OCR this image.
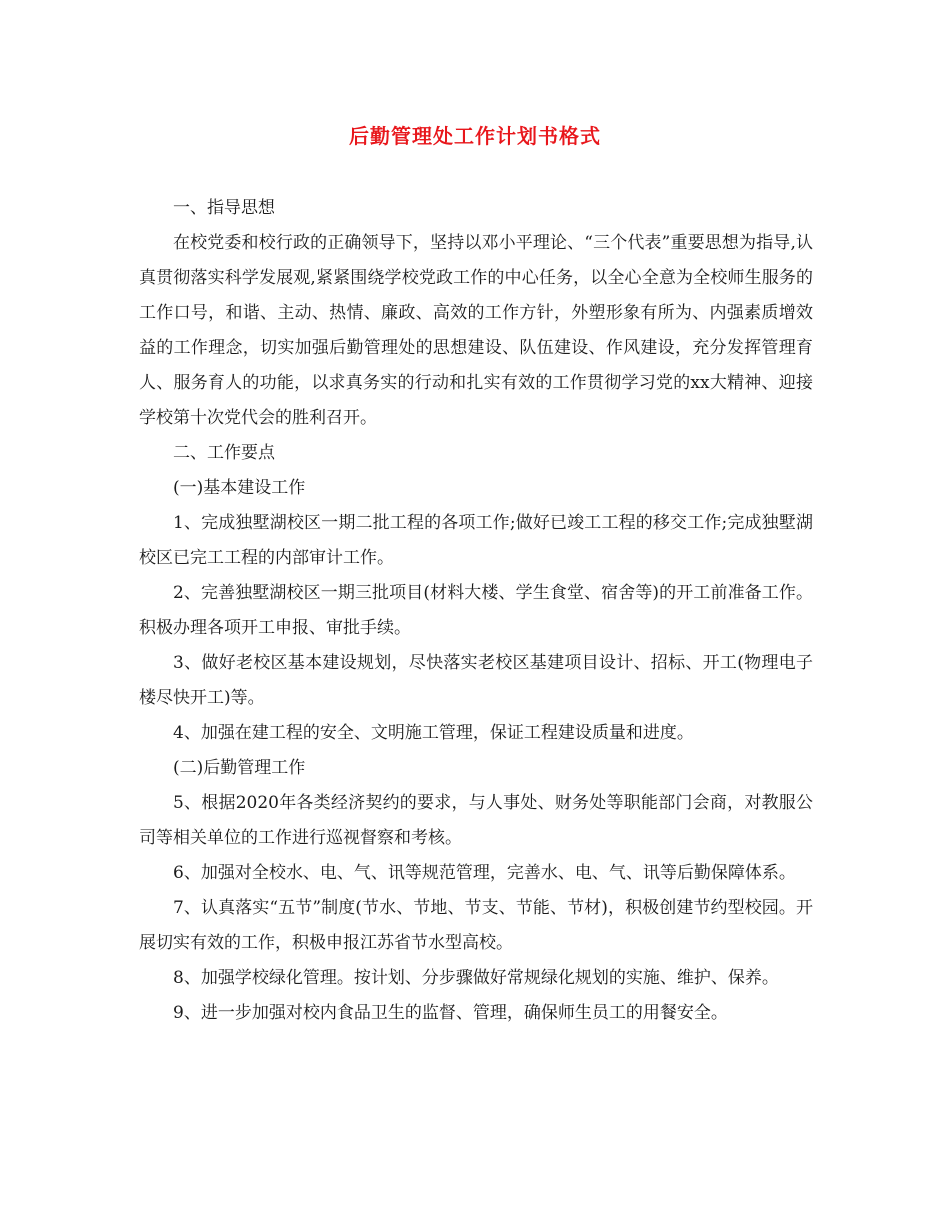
后勤管理处工作计划书格式

一、指导思想

在校党委和校行政的正确领导下，坚持以邓小平理论、“三个代表”重要思想为指导,认真贯彻落实科学发展观,紧紧围绕学校党政工作的中心任务，以全心全意为全校师生服务的工作口号，和谐、主动、热情、廉政、高效的工作方针，外塑形象有所为、内强素质增效益的工作理念，切实加强后勤管理处的思想建设、队伍建设、作风建设，充分发挥管理育人、服务育人的功能，以求真务实的行动和扎实有效的工作贯彻学习党的xx大精神、迎接学校第十次党代会的胜利召开。

二、工作要点

(一)基本建设工作

1、完成独墅湖校区一期二批工程的各项工作;做好已竣工工程的移交工作;完成独墅湖校区已完工工程的内部审计工作。

2、完善独墅湖校区一期三批项目(材料大楼、学生食堂、宿舍等)的开工前准备工作。积极办理各项开工申报、审批手续。

3、做好老校区基本建设规划，尽快落实老校区基建项目设计、招标、开工(物理电子楼尽快开工)等。

4、加强在建工程的安全、文明施工管理，保证工程建设质量和进度。

(二)后勤管理工作

5、根据2020年各类经济契约的要求，与人事处、财务处等职能部门会商，对教服公司等相关单位的工作进行巡视督察和考核。

6、加强对全校水、电、气、讯等规范管理，完善水、电、气、讯等后勤保障体系。

7、认真落实“五节”制度(节水、节地、节支、节能、节材)，积极创建节约型校园。开展切实有效的工作，积极申报江苏省节水型高校。

8、加强学校绿化管理。按计划、分步骤做好常规绿化规划的实施、维护、保养。

9、进一步加强对校内食品卫生的监督、管理，确保师生员工的用餐安全。
